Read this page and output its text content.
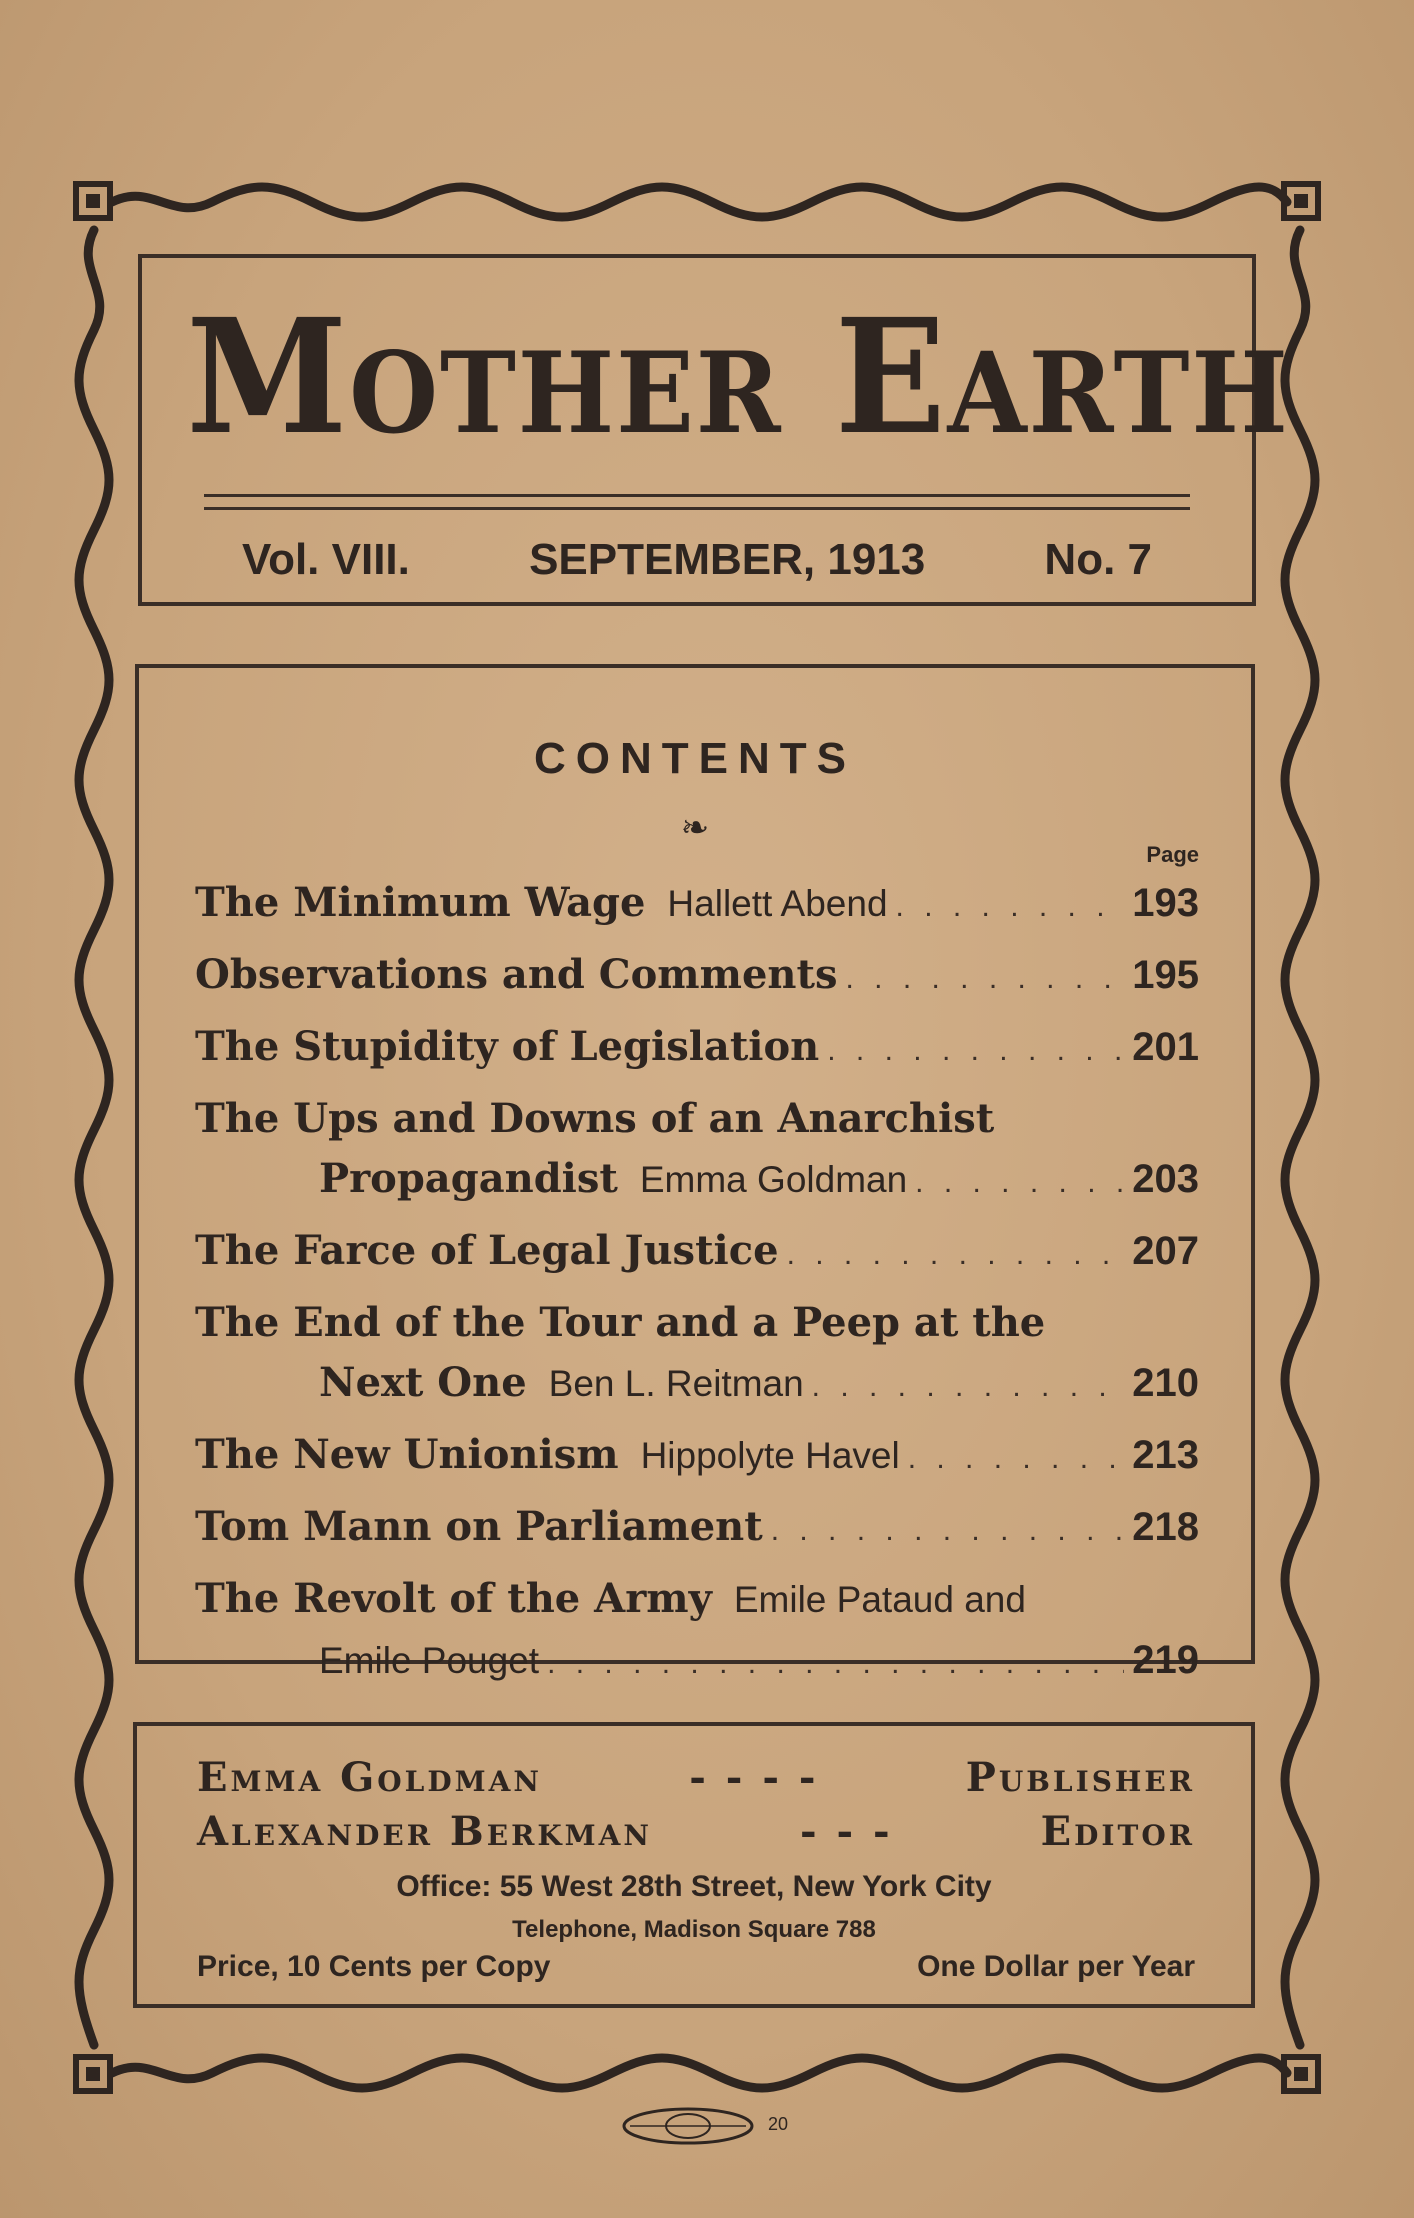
Mother Earth
Vol. VIII.	SEPTEMBER, 1913	No. 7
CONTENTS
❧
Page
The Minimum Wage Hallett Abend . . .	193
Observations and Comments . . .	195
The Stupidity of Legislation . . .	201
The Ups and Downs of an Anarchist
Propagandist Emma Goldman . . .	203
The Farce of Legal Justice . . .	207
The End of the Tour and a Peep at the
Next One Ben L. Reitman . . .	210
The New Unionism Hippolyte Havel . . .	213
Tom Mann on Parliament . . .	218
The Revolt of the Army Emile Pataud and
Emile Pouget . . .	219
Emma Goldman	- - - -	Publisher
Alexander Berkman	- - -	Editor
Office: 55 West 28th Street, New York City
Telephone, Madison Square 788
Price, 10 Cents per Copy	One Dollar per Year
20
